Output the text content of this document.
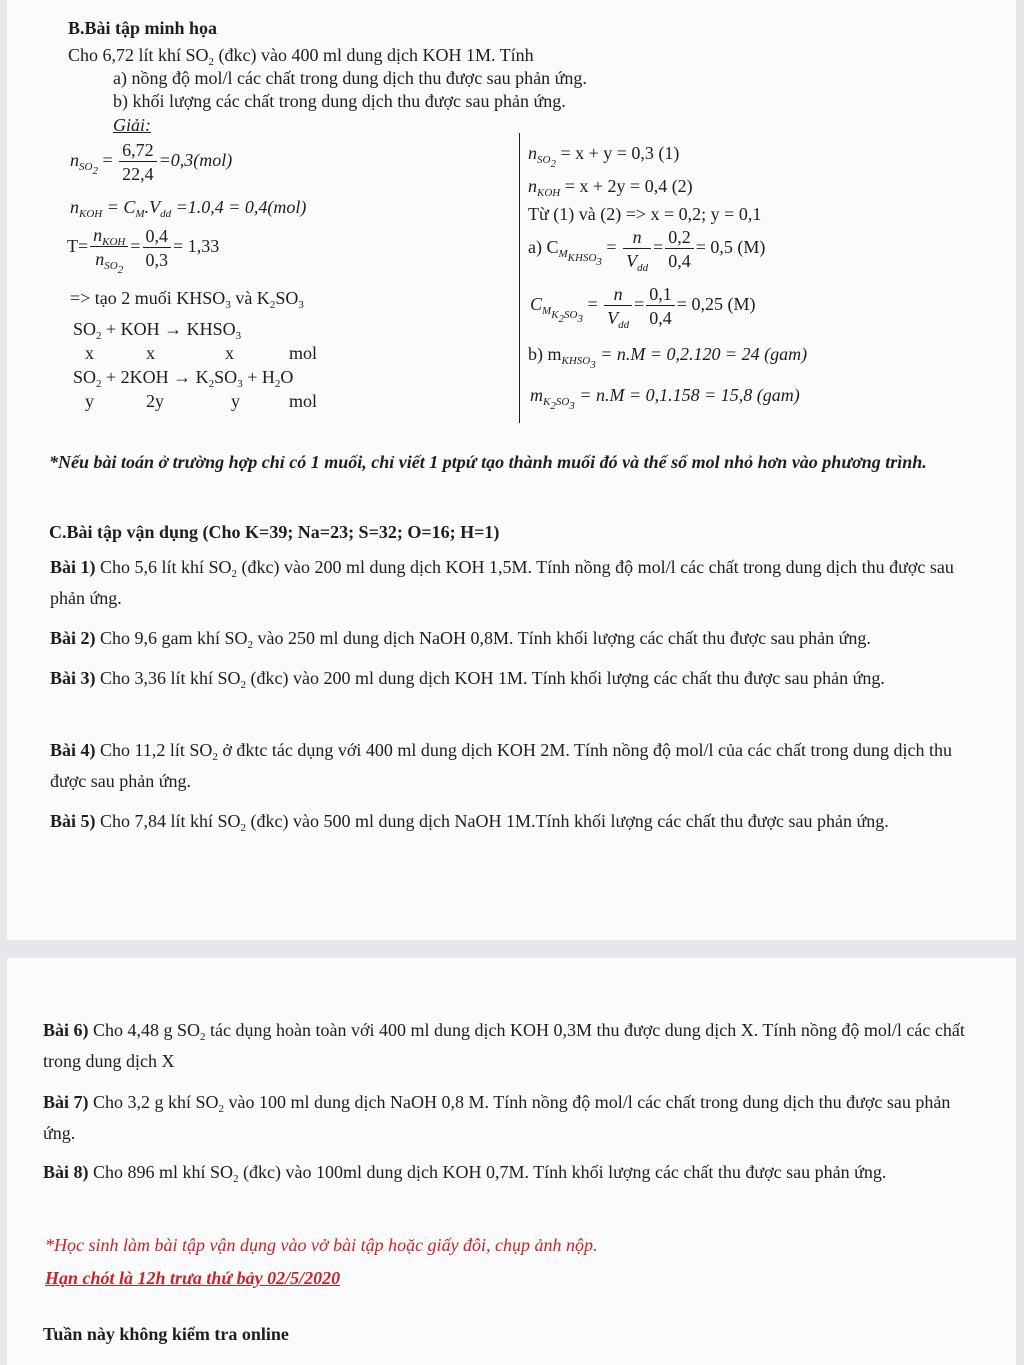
B.Bài tập minh họa
Cho 6,72 lít khí $SO_2$ (đkc) vào 400 ml dung dịch KOH 1M. Tính
a) nồng độ mol/l các chất trong dung dịch thu được sau phản ứng.
b) khối lượng các chất trong dung dịch thu được sau phản ứng.
Giải:
$n_{SO_2} = \frac{6,72}{22,4} =0,3(mol)$
$n_{KOH} = C_M.V_{dd} =1.0,4 = 0,4(mol)$
$T= \frac{n_{KOH}}{n_{SO_2}} = \frac{0,4}{0,3} = 1,33$
=> tạo 2 muối $KHSO_3$ và $K_2SO_3$
$SO_2$ + KOH → $KHSO_3$
x	x	x	mol
$SO_2 + 2KOH \to K_2SO_3 + H_2O$
y	2y	y	mol
$n_{SO_2} = x + y = 0,3$ (1)
$n_{KOH} = x + 2y = 0,4$ (2)
Từ (1) và (2) => x = 0,2; y = 0,1
a) $C_{M_{KHSO_3}} = \frac{n}{V_{dd}} = \frac{0,2}{0,4} = 0,5$ (M)
$C_{M_{K_2SO_3}} = \frac{n}{V_{dd}} = \frac{0,1}{0,4} = 0,25$ (M)
b) $m_{KHSO_3} = n.M = 0,2.120 = 24$ (gam)
$m_{K_2SO_3} = n.M = 0,1.158 = 15,8$ (gam)
*Nếu bài toán ở trường hợp chỉ có 1 muối, chỉ viết 1 ptpứ tạo thành muối đó và thế số mol nhỏ hơn vào phương trình.
C.Bài tập vận dụng (Cho K=39; Na=23; S=32; O=16; H=1)
Bài 1) Cho 5,6 lít khí $SO_2$ (đkc) vào 200 ml dung dịch KOH 1,5M. Tính nồng độ mol/l các chất trong dung dịch thu được sau phản ứng.
Bài 2) Cho 9,6 gam khí $SO_2$ vào 250 ml dung dịch NaOH 0,8M. Tính khối lượng các chất thu được sau phản ứng.
Bài 3) Cho 3,36 lít khí $SO_2$ (đkc) vào 200 ml dung dịch KOH 1M. Tính khối lượng các chất thu được sau phản ứng.
Bài 4) Cho 11,2 lít $SO_2$ ở đktc tác dụng với 400 ml dung dịch KOH 2M. Tính nồng độ mol/l của các chất trong dung dịch thu được sau phản ứng.
Bài 5) Cho 7,84 lít khí $SO_2$ (đkc) vào 500 ml dung dịch NaOH 1M.Tính khối lượng các chất thu được sau phản ứng.
Bài 6) Cho 4,48 g $SO_2$ tác dụng hoàn toàn với 400 ml dung dịch KOH 0,3M thu được dung dịch X. Tính nồng độ mol/l các chất trong dung dịch X
Bài 7) Cho 3,2 g khí $SO_2$ vào 100 ml dung dịch NaOH 0,8 M. Tính nồng độ mol/l các chất trong dung dịch thu được sau phản ứng.
Bài 8) Cho 896 ml khí $SO_2$ (đkc) vào 100ml dung dịch KOH 0,7M. Tính khối lượng các chất thu được sau phản ứng.
*Học sinh làm bài tập vận dụng vào vở bài tập hoặc giấy đôi, chụp ảnh nộp.
Hạn chót là 12h trưa thứ bảy 02/5/2020
Tuần này không kiểm tra online
